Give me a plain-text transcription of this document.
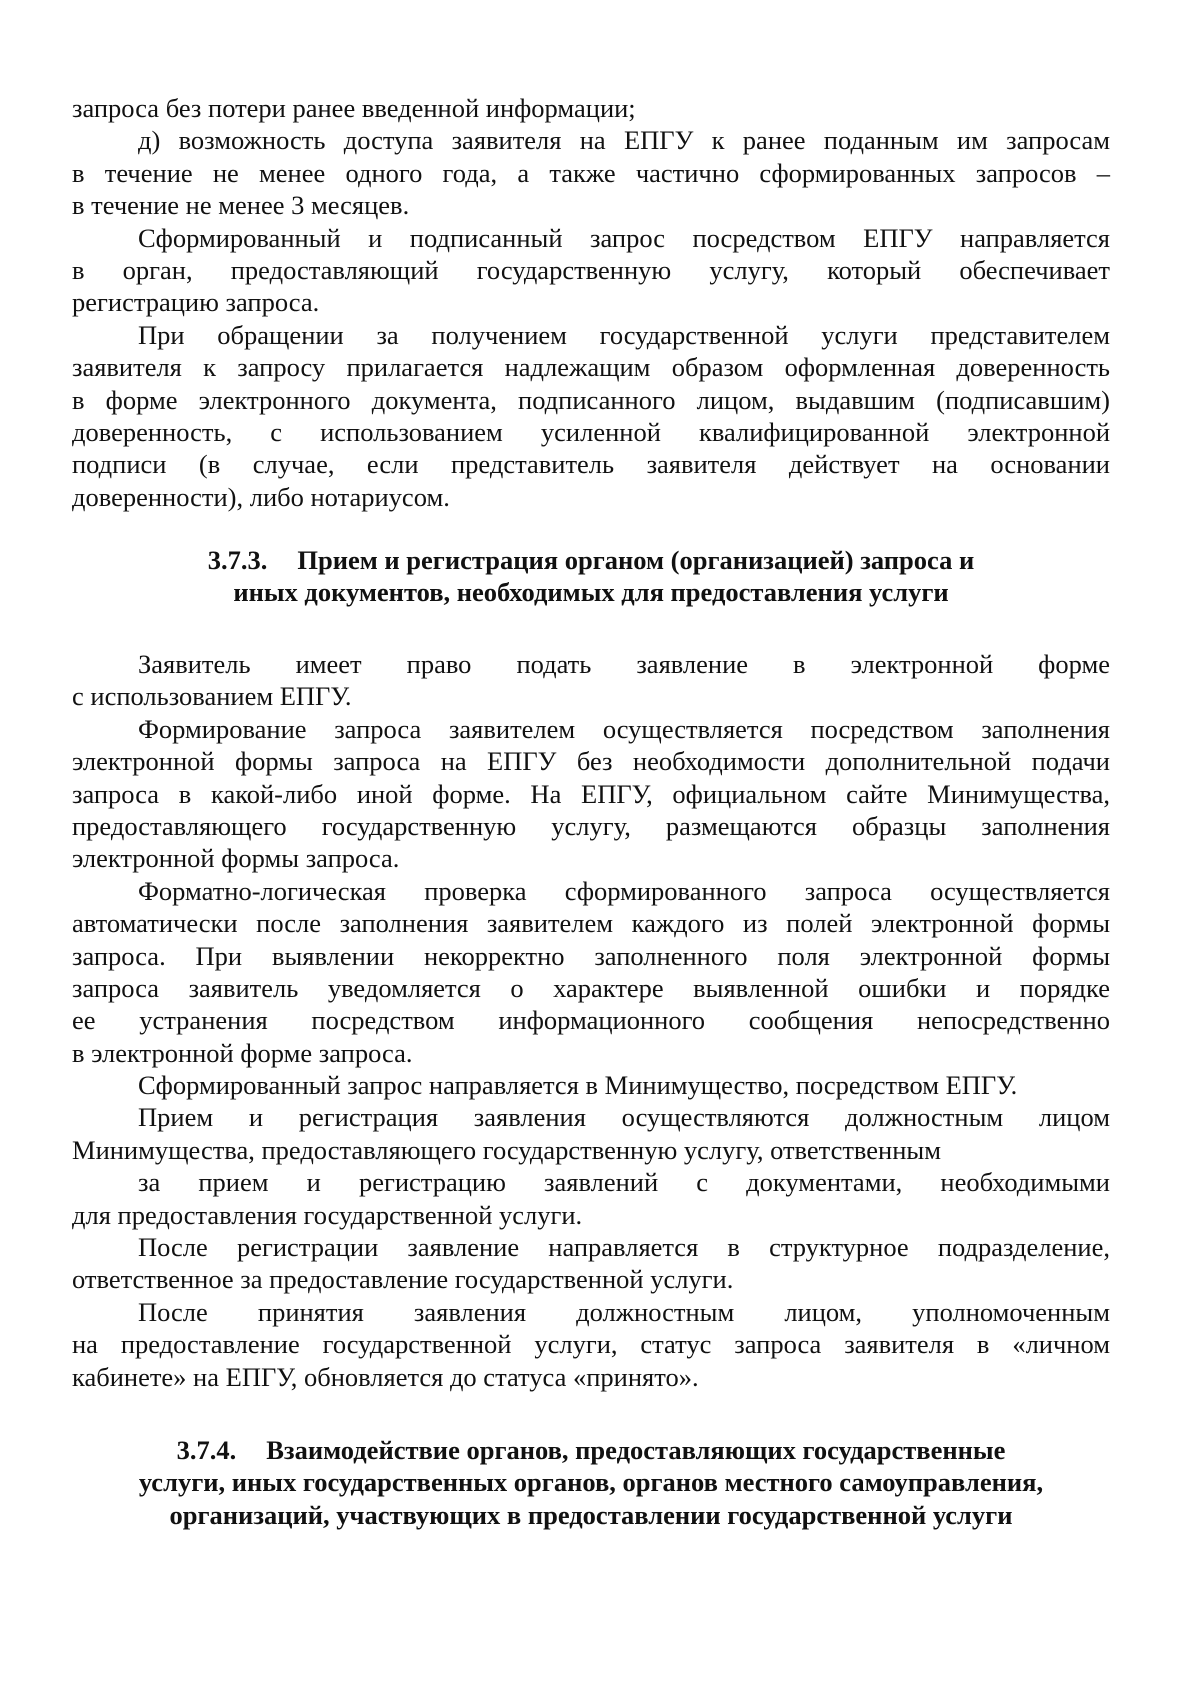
запроса без потери ранее введенной информации;
д) возможность доступа заявителя на ЕПГУ к ранее поданным им запросам
в течение не менее одного года, а также частично сформированных запросов –
в течение не менее 3 месяцев.
Сформированный и подписанный запрос посредством ЕПГУ направляется
в орган, предоставляющий государственную услугу, который обеспечивает
регистрацию запроса.
При обращении за получением государственной услуги представителем
заявителя к запросу прилагается надлежащим образом оформленная доверенность
в форме электронного документа, подписанного лицом, выдавшим (подписавшим)
доверенность, с использованием усиленной квалифицированной электронной
подписи (в случае, если представитель заявителя действует на основании
доверенности), либо нотариусом.
3.7.3. Прием и регистрация органом (организацией) запроса и
иных документов, необходимых для предоставления услуги
Заявитель имеет право подать заявление в электронной форме
с использованием ЕПГУ.
Формирование запроса заявителем осуществляется посредством заполнения
электронной формы запроса на ЕПГУ без необходимости дополнительной подачи
запроса в какой-либо иной форме. На ЕПГУ, официальном сайте Минимущества,
предоставляющего государственную услугу, размещаются образцы заполнения
электронной формы запроса.
Форматно-логическая проверка сформированного запроса осуществляется
автоматически после заполнения заявителем каждого из полей электронной формы
запроса. При выявлении некорректно заполненного поля электронной формы
запроса заявитель уведомляется о характере выявленной ошибки и порядке
ее устранения посредством информационного сообщения непосредственно
в электронной форме запроса.
Сформированный запрос направляется в Минимущество, посредством ЕПГУ.
Прием и регистрация заявления осуществляются должностным лицом
Минимущества, предоставляющего государственную услугу, ответственным
за прием и регистрацию заявлений с документами, необходимыми
для предоставления государственной услуги.
После регистрации заявление направляется в структурное подразделение,
ответственное за предоставление государственной услуги.
После принятия заявления должностным лицом, уполномоченным
на предоставление государственной услуги, статус запроса заявителя в «личном
кабинете» на ЕПГУ, обновляется до статуса «принято».
3.7.4. Взаимодействие органов, предоставляющих государственные
услуги, иных государственных органов, органов местного самоуправления,
организаций, участвующих в предоставлении государственной услуги
